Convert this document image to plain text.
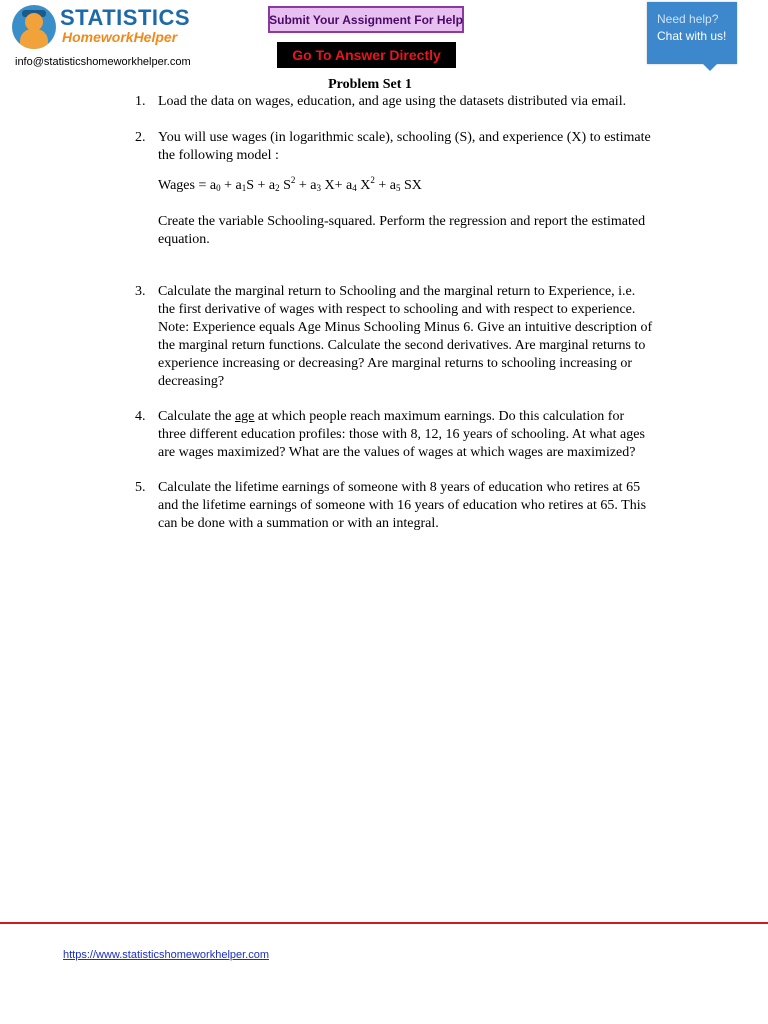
STATISTICS
HomeworkHelper
info@statisticshomeworkhelper.com
Submit Your Assignment For Help
Go To Answer Directly
Need help?
Chat with us!
Problem Set 1
1. Load the data on wages, education, and age using the datasets distributed via email.
2. You will use wages (in logarithmic scale), schooling (S), and experience (X) to estimate the following model :
Wages = $a_0 + a_1S + a_2$ $S^2 + a_3$ $X+ a_4$ $X^2 + a_5$ SX
Create the variable Schooling-squared. Perform the regression and report the estimated equation.
3. Calculate the marginal return to Schooling and the marginal return to Experience, i.e. the first derivative of wages with respect to schooling and with respect to experience. Note: Experience equals Age Minus Schooling Minus 6. Give an intuitive description of the marginal return functions. Calculate the second derivatives. Are marginal returns to experience increasing or decreasing? Are marginal returns to schooling increasing or decreasing?
4. Calculate the age at which people reach maximum earnings. Do this calculation for three different education profiles: those with 8, 12, 16 years of schooling. At what ages are wages maximized? What are the values of wages at which wages are maximized?
5. Calculate the lifetime earnings of someone with 8 years of education who retires at 65 and the lifetime earnings of someone with 16 years of education who retires at 65. This can be done with a summation or with an integral.
https://www.statisticshomeworkhelper.com
